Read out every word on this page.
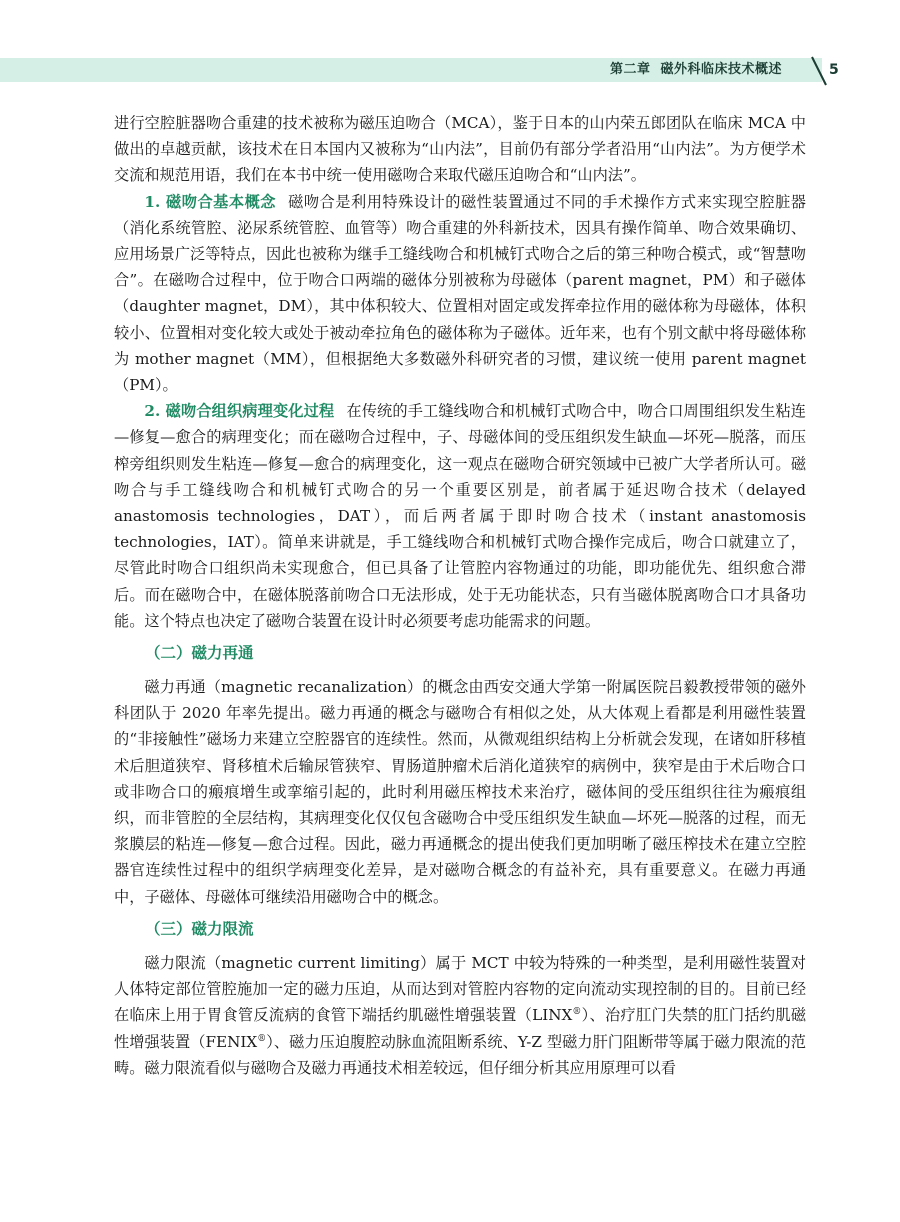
第二章 磁外科临床技术概述	5

进行空腔脏器吻合重建的技术被称为磁压迫吻合（MCA），鉴于日本的山内荣五郎团队在临床 MCA 中做出的卓越贡献，该技术在日本国内又被称为“山内法”，目前仍有部分学者沿用“山内法”。为方便学术交流和规范用语，我们在本书中统一使用磁吻合来取代磁压迫吻合和“山内法”。

1. 磁吻合基本概念 磁吻合是利用特殊设计的磁性装置通过不同的手术操作方式来实现空腔脏器（消化系统管腔、泌尿系统管腔、血管等）吻合重建的外科新技术，因具有操作简单、吻合效果确切、应用场景广泛等特点，因此也被称为继手工缝线吻合和机械钉式吻合之后的第三种吻合模式，或“智慧吻合”。在磁吻合过程中，位于吻合口两端的磁体分别被称为母磁体（parent magnet，PM）和子磁体（daughter magnet，DM），其中体积较大、位置相对固定或发挥牵拉作用的磁体称为母磁体，体积较小、位置相对变化较大或处于被动牵拉角色的磁体称为子磁体。近年来，也有个别文献中将母磁体称为 mother magnet（MM），但根据绝大多数磁外科研究者的习惯，建议统一使用 parent magnet（PM）。

2. 磁吻合组织病理变化过程 在传统的手工缝线吻合和机械钉式吻合中，吻合口周围组织发生粘连—修复—愈合的病理变化；而在磁吻合过程中，子、母磁体间的受压组织发生缺血—坏死—脱落，而压榨旁组织则发生粘连—修复—愈合的病理变化，这一观点在磁吻合研究领域中已被广大学者所认可。磁吻合与手工缝线吻合和机械钉式吻合的另一个重要区别是，前者属于延迟吻合技术（delayed anastomosis technologies，DAT），而后两者属于即时吻合技术（instant anastomosis technologies，IAT）。简单来讲就是，手工缝线吻合和机械钉式吻合操作完成后，吻合口就建立了，尽管此时吻合口组织尚未实现愈合，但已具备了让管腔内容物通过的功能，即功能优先、组织愈合滞后。而在磁吻合中，在磁体脱落前吻合口无法形成，处于无功能状态，只有当磁体脱离吻合口才具备功能。这个特点也决定了磁吻合装置在设计时必须要考虑功能需求的问题。

（二）磁力再通

磁力再通（magnetic recanalization）的概念由西安交通大学第一附属医院吕毅教授带领的磁外科团队于 2020 年率先提出。磁力再通的概念与磁吻合有相似之处，从大体观上看都是利用磁性装置的“非接触性”磁场力来建立空腔器官的连续性。然而，从微观组织结构上分析就会发现，在诸如肝移植术后胆道狭窄、肾移植术后输尿管狭窄、胃肠道肿瘤术后消化道狭窄的病例中，狭窄是由于术后吻合口或非吻合口的瘢痕增生或挛缩引起的，此时利用磁压榨技术来治疗，磁体间的受压组织往往为瘢痕组织，而非管腔的全层结构，其病理变化仅仅包含磁吻合中受压组织发生缺血—坏死—脱落的过程，而无浆膜层的粘连—修复—愈合过程。因此，磁力再通概念的提出使我们更加明晰了磁压榨技术在建立空腔器官连续性过程中的组织学病理变化差异，是对磁吻合概念的有益补充，具有重要意义。在磁力再通中，子磁体、母磁体可继续沿用磁吻合中的概念。

（三）磁力限流

磁力限流（magnetic current limiting）属于 MCT 中较为特殊的一种类型，是利用磁性装置对人体特定部位管腔施加一定的磁力压迫，从而达到对管腔内容物的定向流动实现控制的目的。目前已经在临床上用于胃食管反流病的食管下端括约肌磁性增强装置（LINX®）、治疗肛门失禁的肛门括约肌磁性增强装置（FENIX®）、磁力压迫腹腔动脉血流阻断系统、Y-Z 型磁力肝门阻断带等属于磁力限流的范畴。磁力限流看似与磁吻合及磁力再通技术相差较远，但仔细分析其应用原理可以看
